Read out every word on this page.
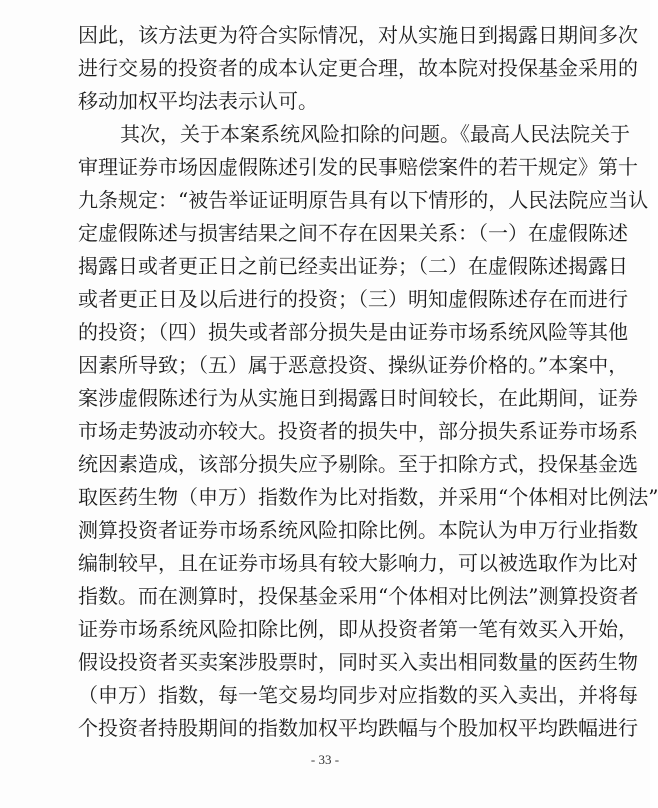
因此，该方法更为符合实际情况，对从实施日到揭露日期间多次
进行交易的投资者的成本认定更合理，故本院对投保基金采用的
移动加权平均法表示认可。
其次，关于本案系统风险扣除的问题。《最高人民法院关于
审理证券市场因虚假陈述引发的民事赔偿案件的若干规定》第十
九条规定：“被告举证证明原告具有以下情形的，人民法院应当认
定虚假陈述与损害结果之间不存在因果关系：（一）在虚假陈述
揭露日或者更正日之前已经卖出证券；（二）在虚假陈述揭露日
或者更正日及以后进行的投资；（三）明知虚假陈述存在而进行
的投资；（四）损失或者部分损失是由证券市场系统风险等其他
因素所导致；（五）属于恶意投资、操纵证券价格的。”本案中，
案涉虚假陈述行为从实施日到揭露日时间较长，在此期间，证券
市场走势波动亦较大。投资者的损失中，部分损失系证券市场系
统因素造成，该部分损失应予剔除。至于扣除方式，投保基金选
取医药生物（申万）指数作为比对指数，并采用“个体相对比例法”
测算投资者证券市场系统风险扣除比例。本院认为申万行业指数
编制较早，且在证券市场具有较大影响力，可以被选取作为比对
指数。而在测算时，投保基金采用“个体相对比例法”测算投资者
证券市场系统风险扣除比例，即从投资者第一笔有效买入开始，
假设投资者买卖案涉股票时，同时买入卖出相同数量的医药生物
（申万）指数，每一笔交易均同步对应指数的买入卖出，并将每
个投资者持股期间的指数加权平均跌幅与个股加权平均跌幅进行
- 33 -
